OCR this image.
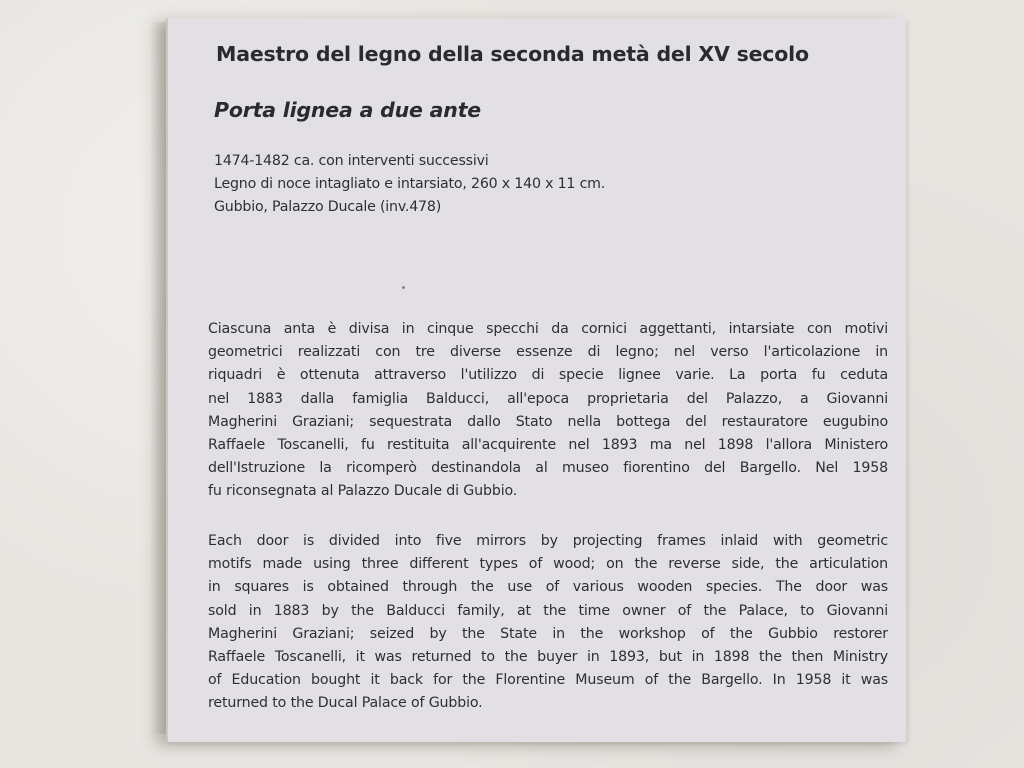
Maestro del legno della seconda metà del XV secolo
Porta lignea a due ante
1474-1482 ca. con interventi successivi
Legno di noce intagliato e intarsiato, 260 x 140 x 11 cm.
Gubbio, Palazzo Ducale (inv.478)
Ciascuna anta è divisa in cinque specchi da cornici aggettanti, intarsiate con motivi
geometrici realizzati con tre diverse essenze di legno; nel verso l'articolazione in
riquadri è ottenuta attraverso l'utilizzo di specie lignee varie. La porta fu ceduta
nel 1883 dalla famiglia Balducci, all'epoca proprietaria del Palazzo, a Giovanni
Magherini Graziani; sequestrata dallo Stato nella bottega del restauratore eugubino
Raffaele Toscanelli, fu restituita all'acquirente nel 1893 ma nel 1898 l'allora Ministero
dell'Istruzione la ricomperò destinandola al museo fiorentino del Bargello. Nel 1958
fu riconsegnata al Palazzo Ducale di Gubbio.
Each door is divided into five mirrors by projecting frames inlaid with geometric
motifs made using three different types of wood; on the reverse side, the articulation
in squares is obtained through the use of various wooden species. The door was
sold in 1883 by the Balducci family, at the time owner of the Palace, to Giovanni
Magherini Graziani; seized by the State in the workshop of the Gubbio restorer
Raffaele Toscanelli, it was returned to the buyer in 1893, but in 1898 the then Ministry
of Education bought it back for the Florentine Museum of the Bargello. In 1958 it was
returned to the Ducal Palace of Gubbio.
